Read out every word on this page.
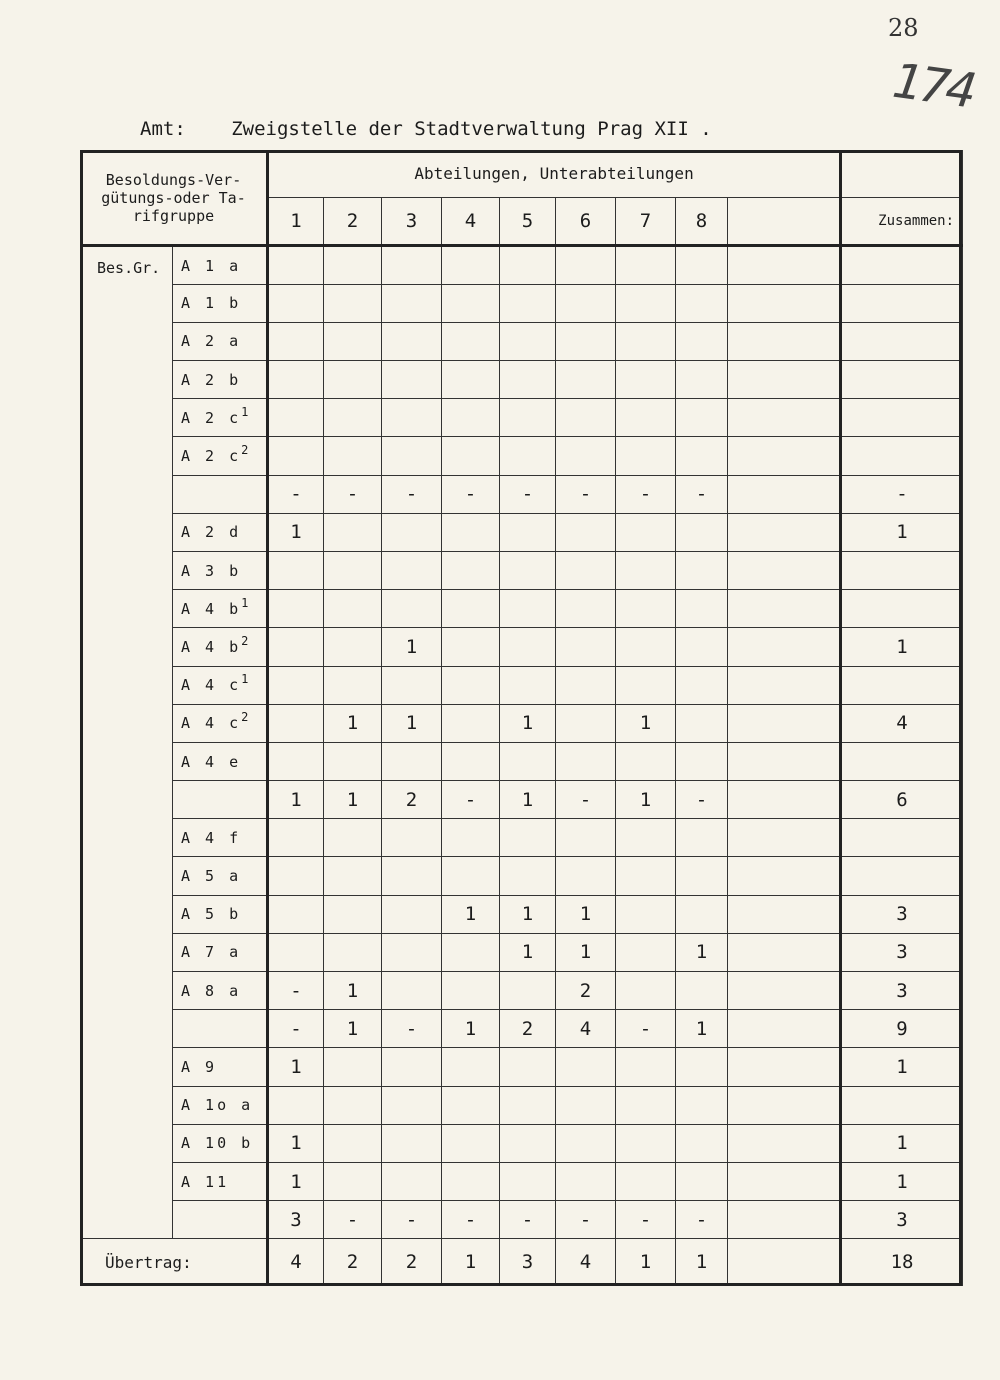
28
174
Amt: Zweigstelle der Stadtverwaltung Prag XII .
Besoldungs-Ver- gütungs-oder Ta- rifgruppe		Abteilungen, Unterabteilungen									
		1	2	3	4	5	6	7	8		Zusammen:
Bes.Gr.	A 1 a										
	A 1 b										
	A 2 a										
	A 2 b										
	A 2 $c^1$										
	A 2 $c^2$										
		-	-	-	-	-	-	-	-		-
	A 2 d	1									1
	A 3 b										
	A 4 $b^1$										
	A 4 $b^2$			1							1
	A 4 $c^1$										
	A 4 $c^2$		1	1		1		1			4
	A 4 e										
		1	1	2	-	1	-	1	-		6
	A 4 f										
	A 5 a										
	A 5 b				1	1	1				3
	A 7 a					1	1		1		3
	A 8 a	-	1				2				3
		-	1	-	1	2	4	-	1		9
	A 9	1									1
	A 1o a										
	A 10 b	1									1
	A 11	1									1
		3	-	-	-	-	-	-	-		3
Übertrag:		4	2	2	1	3	4	1	1		18
